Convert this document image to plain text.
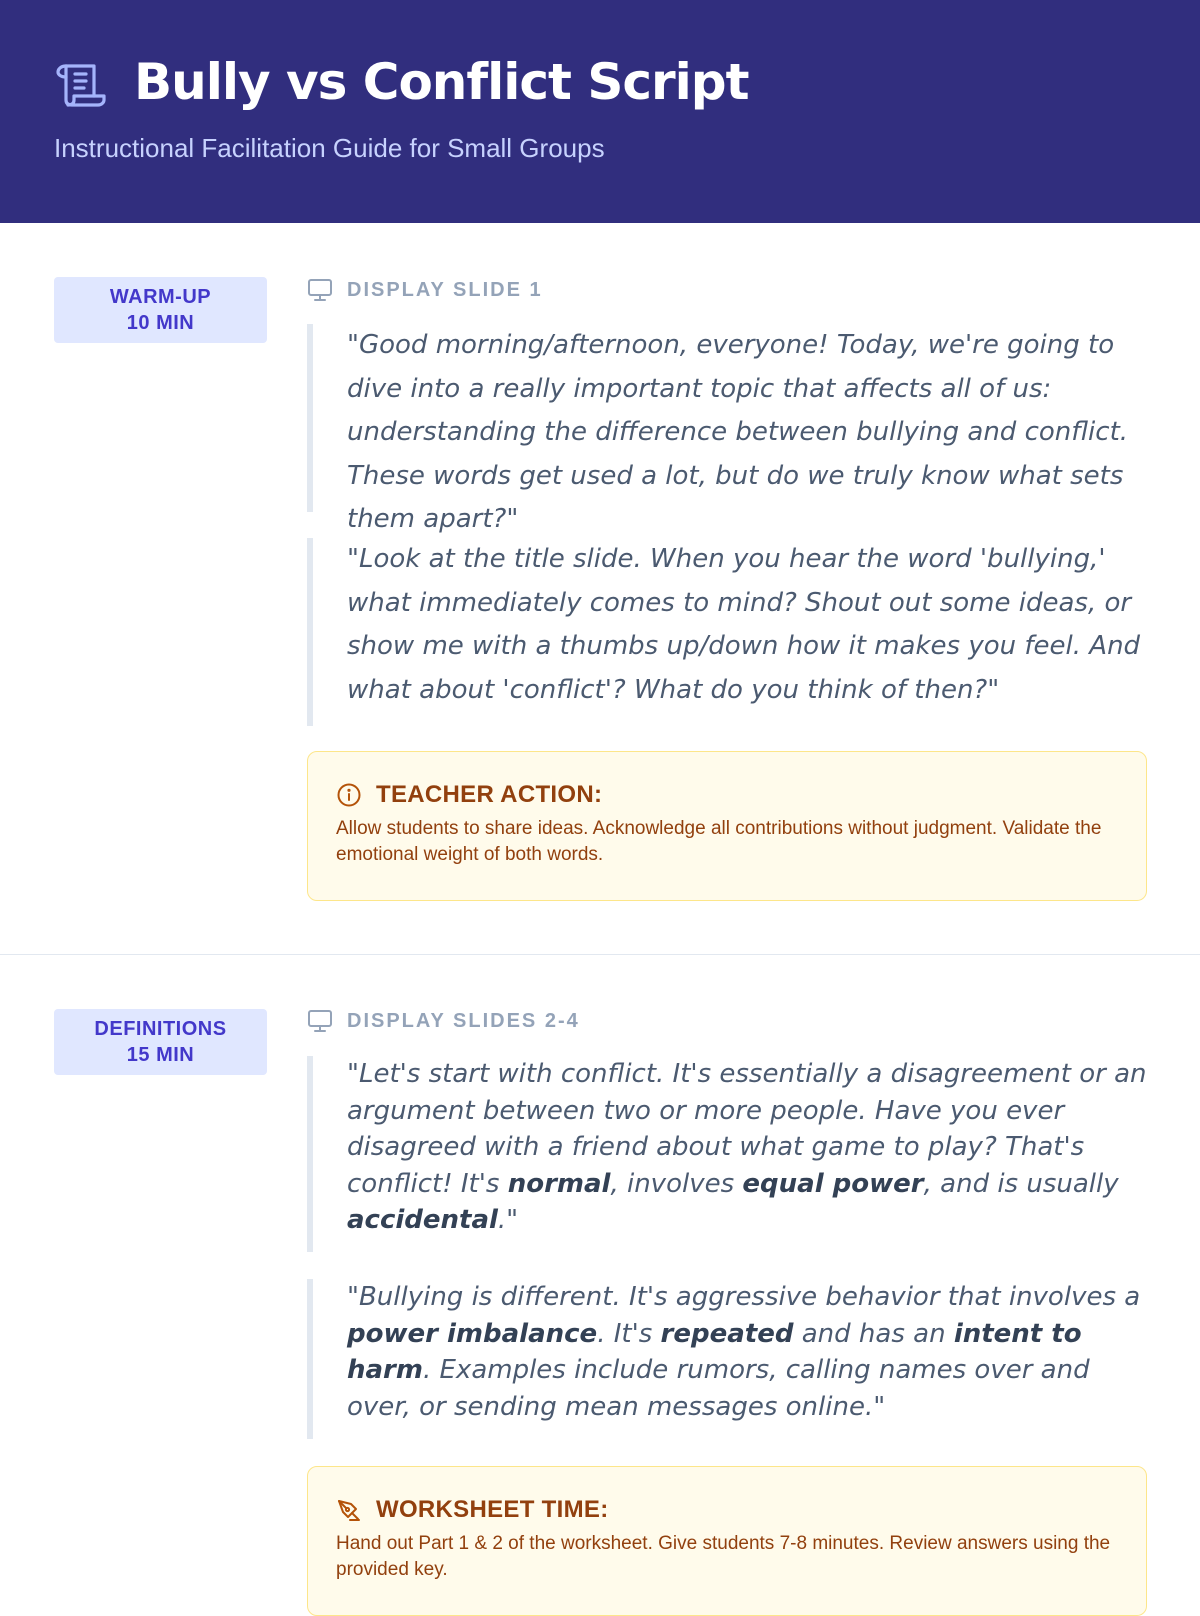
Bully vs Conflict Script
Instructional Facilitation Guide for Small Groups
WARM-UP
10 MIN
DISPLAY SLIDE 1
"Good morning/afternoon, everyone! Today, we're going to dive into a really important topic that affects all of us: understanding the difference between bullying and conflict. These words get used a lot, but do we truly know what sets them apart?"
"Look at the title slide. When you hear the word 'bullying,' what immediately comes to mind? Shout out some ideas, or show me with a thumbs up/down how it makes you feel. And what about 'conflict'? What do you think of then?"
TEACHER ACTION:
Allow students to share ideas. Acknowledge all contributions without judgment. Validate the emotional weight of both words.
DEFINITIONS
15 MIN
DISPLAY SLIDES 2-4
"Let's start with conflict. It's essentially a disagreement or an argument between two or more people. Have you ever disagreed with a friend about what game to play? That's conflict! It's normal, involves equal power, and is usually accidental."
"Bullying is different. It's aggressive behavior that involves a power imbalance. It's repeated and has an intent to harm. Examples include rumors, calling names over and over, or sending mean messages online."
WORKSHEET TIME:
Hand out Part 1 & 2 of the worksheet. Give students 7-8 minutes. Review answers using the provided key.
